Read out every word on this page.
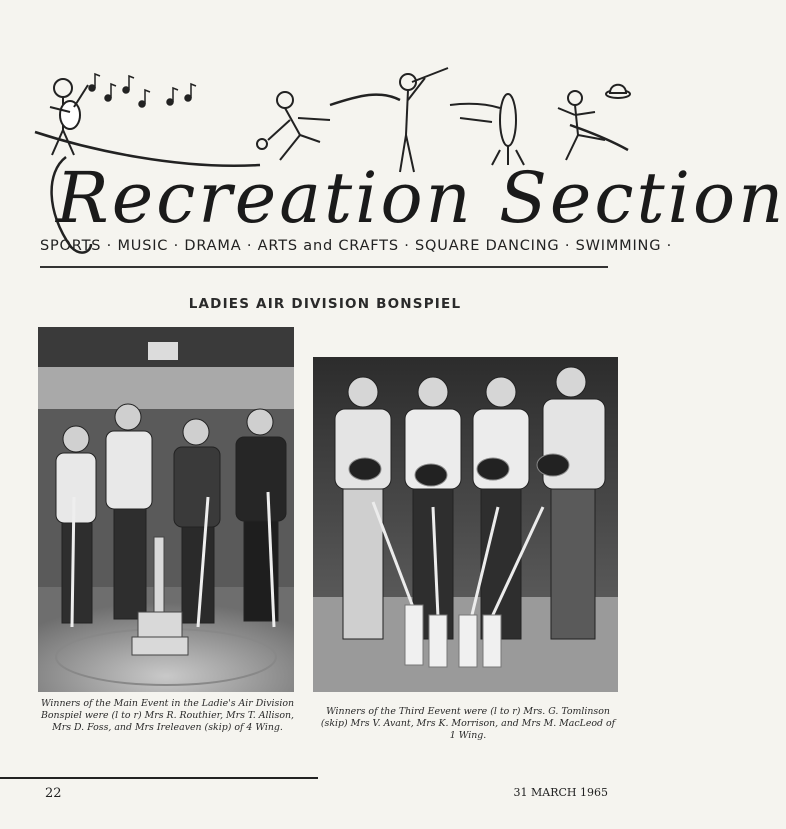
Recreation Section
SPORTS · MUSIC · DRAMA · ARTS and CRAFTS · SQUARE DANCING · SWIMMING ·
LADIES AIR DIVISION BONSPIEL
Winners of the Main Event in the Ladie's Air Division Bonspiel were (l to r) Mrs R. Routhier, Mrs T. Allison, Mrs D. Foss, and Mrs Ireleaven (skip) of 4 Wing.
Winners of the Third Eevent were (l to r) Mrs. G. Tomlinson (skip) Mrs V. Avant, Mrs K. Morrison, and Mrs M. MacLeod of 1 Wing.
22	31 MARCH 1965
